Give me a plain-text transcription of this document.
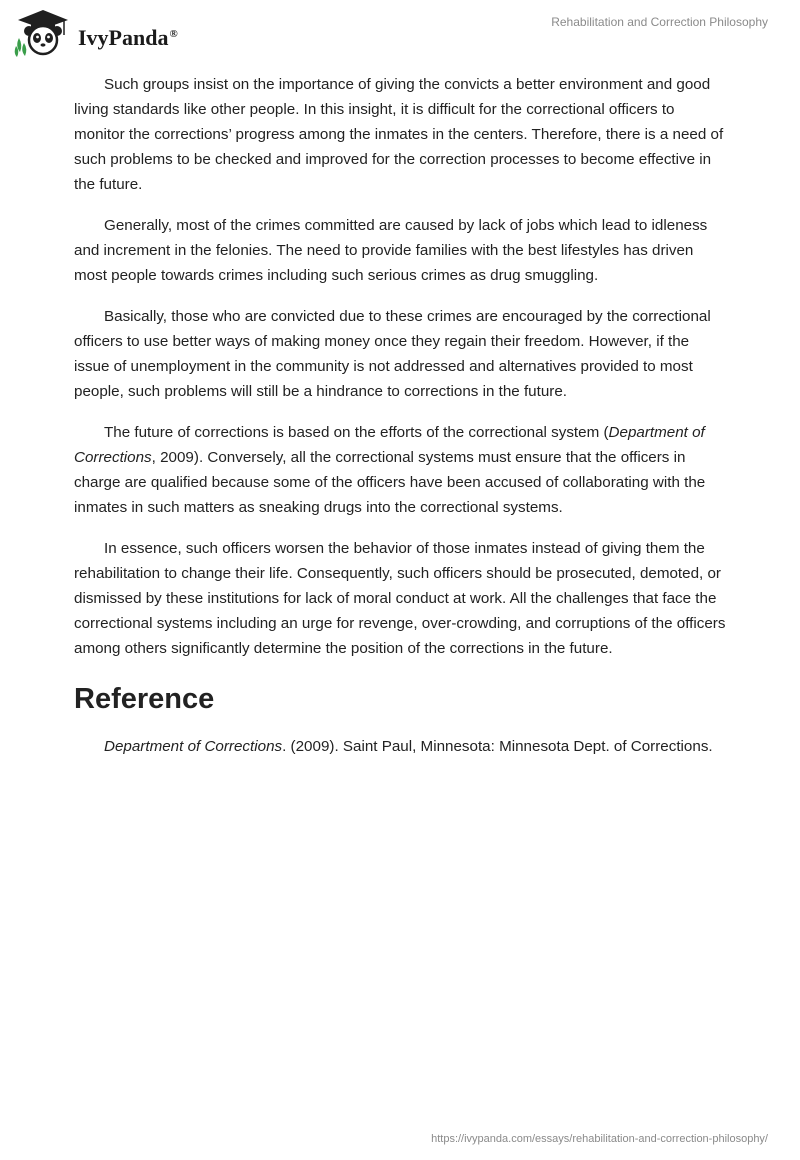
IvyPanda®
Rehabilitation and Correction Philosophy

Such groups insist on the importance of giving the convicts a better environment and good living standards like other people. In this insight, it is difficult for the correctional officers to monitor the corrections’ progress among the inmates in the centers. Therefore, there is a need of such problems to be checked and improved for the correction processes to become effective in the future.

Generally, most of the crimes committed are caused by lack of jobs which lead to idleness and increment in the felonies. The need to provide families with the best lifestyles has driven most people towards crimes including such serious crimes as drug smuggling.

Basically, those who are convicted due to these crimes are encouraged by the correctional officers to use better ways of making money once they regain their freedom. However, if the issue of unemployment in the community is not addressed and alternatives provided to most people, such problems will still be a hindrance to corrections in the future.

The future of corrections is based on the efforts of the correctional system (Department of Corrections, 2009). Conversely, all the correctional systems must ensure that the officers in charge are qualified because some of the officers have been accused of collaborating with the inmates in such matters as sneaking drugs into the correctional systems.

In essence, such officers worsen the behavior of those inmates instead of giving them the rehabilitation to change their life. Consequently, such officers should be prosecuted, demoted, or dismissed by these institutions for lack of moral conduct at work. All the challenges that face the correctional systems including an urge for revenge, over-crowding, and corruptions of the officers among others significantly determine the position of the corrections in the future.

Reference

Department of Corrections. (2009). Saint Paul, Minnesota: Minnesota Dept. of Corrections.

https://ivypanda.com/essays/rehabilitation-and-correction-philosophy/
